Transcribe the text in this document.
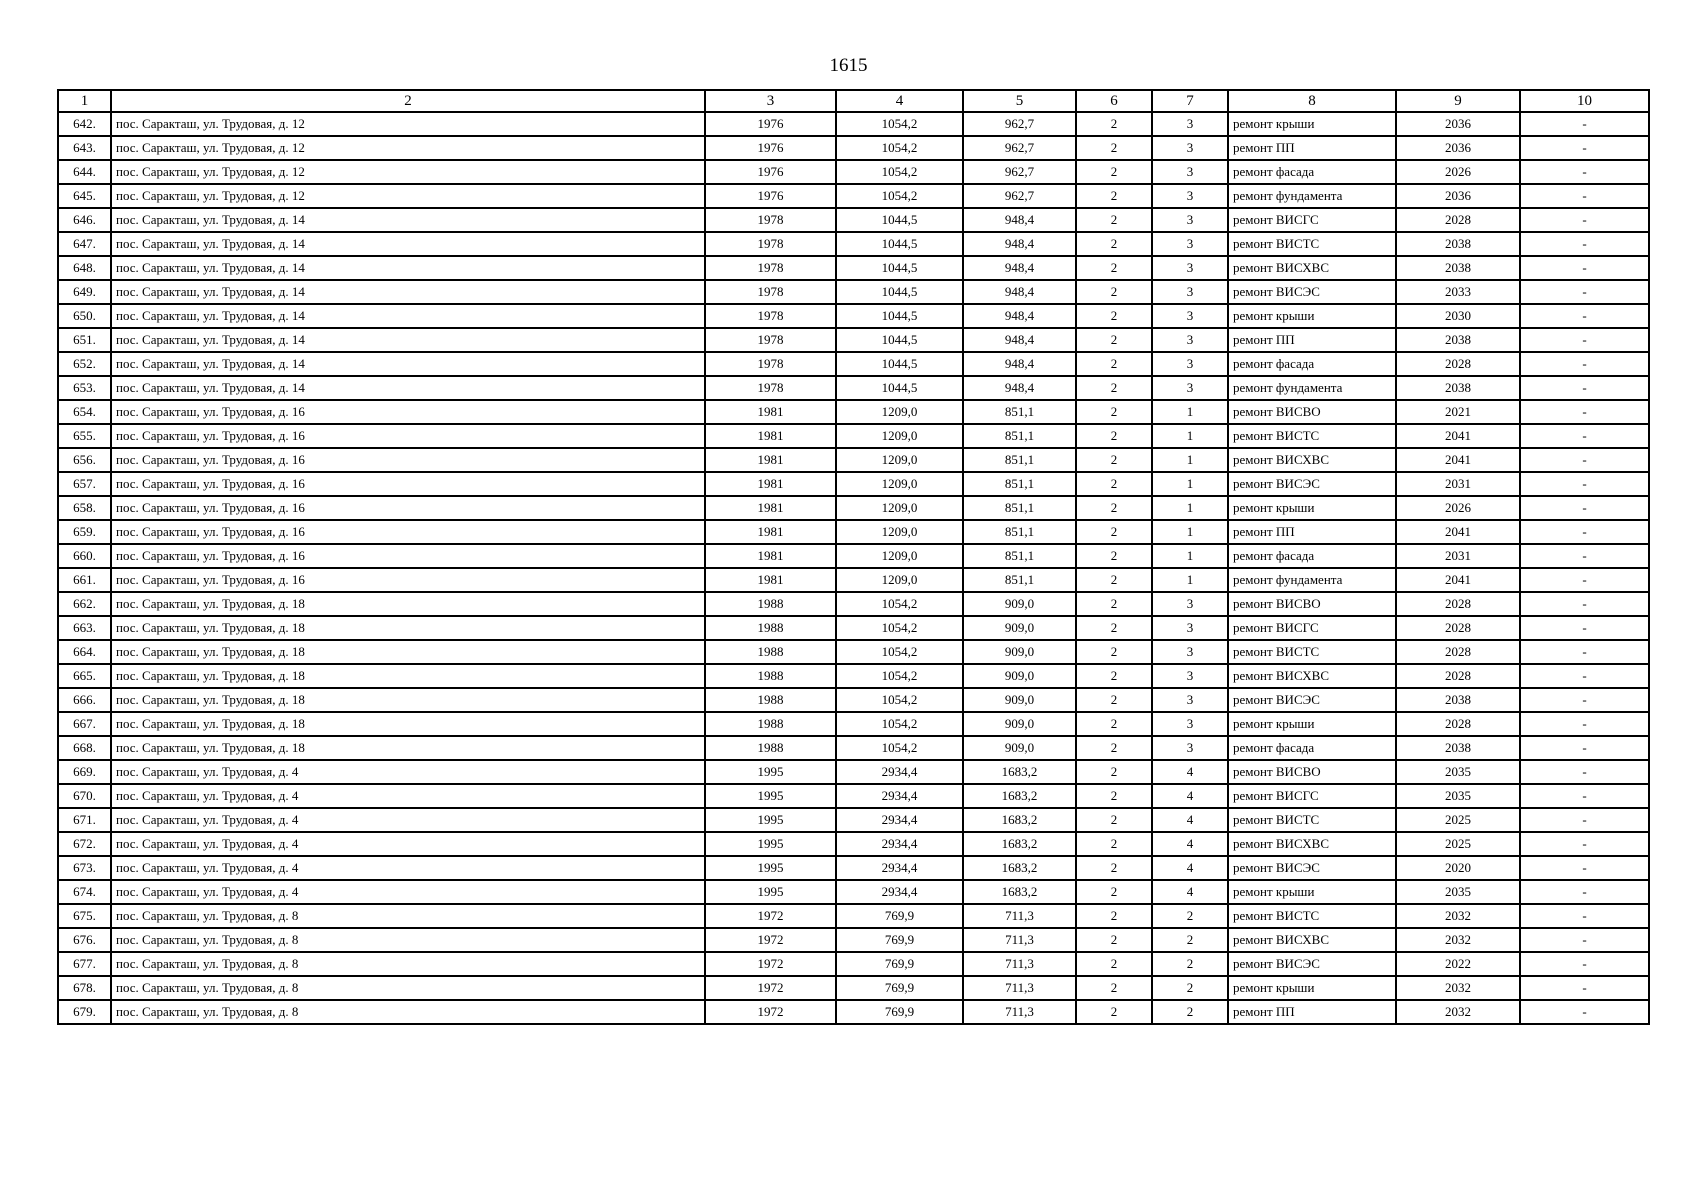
1615
1	2	3	4	5	6	7	8	9	10
642.	пос. Саракташ, ул. Трудовая, д. 12	1976	1054,2	962,7	2	3	ремонт крыши	2036	-
643.	пос. Саракташ, ул. Трудовая, д. 12	1976	1054,2	962,7	2	3	ремонт ПП	2036	-
644.	пос. Саракташ, ул. Трудовая, д. 12	1976	1054,2	962,7	2	3	ремонт фасада	2026	-
645.	пос. Саракташ, ул. Трудовая, д. 12	1976	1054,2	962,7	2	3	ремонт фундамента	2036	-
646.	пос. Саракташ, ул. Трудовая, д. 14	1978	1044,5	948,4	2	3	ремонт ВИСГС	2028	-
647.	пос. Саракташ, ул. Трудовая, д. 14	1978	1044,5	948,4	2	3	ремонт ВИСТС	2038	-
648.	пос. Саракташ, ул. Трудовая, д. 14	1978	1044,5	948,4	2	3	ремонт ВИСХВС	2038	-
649.	пос. Саракташ, ул. Трудовая, д. 14	1978	1044,5	948,4	2	3	ремонт ВИСЭС	2033	-
650.	пос. Саракташ, ул. Трудовая, д. 14	1978	1044,5	948,4	2	3	ремонт крыши	2030	-
651.	пос. Саракташ, ул. Трудовая, д. 14	1978	1044,5	948,4	2	3	ремонт ПП	2038	-
652.	пос. Саракташ, ул. Трудовая, д. 14	1978	1044,5	948,4	2	3	ремонт фасада	2028	-
653.	пос. Саракташ, ул. Трудовая, д. 14	1978	1044,5	948,4	2	3	ремонт фундамента	2038	-
654.	пос. Саракташ, ул. Трудовая, д. 16	1981	1209,0	851,1	2	1	ремонт ВИСВО	2021	-
655.	пос. Саракташ, ул. Трудовая, д. 16	1981	1209,0	851,1	2	1	ремонт ВИСТС	2041	-
656.	пос. Саракташ, ул. Трудовая, д. 16	1981	1209,0	851,1	2	1	ремонт ВИСХВС	2041	-
657.	пос. Саракташ, ул. Трудовая, д. 16	1981	1209,0	851,1	2	1	ремонт ВИСЭС	2031	-
658.	пос. Саракташ, ул. Трудовая, д. 16	1981	1209,0	851,1	2	1	ремонт крыши	2026	-
659.	пос. Саракташ, ул. Трудовая, д. 16	1981	1209,0	851,1	2	1	ремонт ПП	2041	-
660.	пос. Саракташ, ул. Трудовая, д. 16	1981	1209,0	851,1	2	1	ремонт фасада	2031	-
661.	пос. Саракташ, ул. Трудовая, д. 16	1981	1209,0	851,1	2	1	ремонт фундамента	2041	-
662.	пос. Саракташ, ул. Трудовая, д. 18	1988	1054,2	909,0	2	3	ремонт ВИСВО	2028	-
663.	пос. Саракташ, ул. Трудовая, д. 18	1988	1054,2	909,0	2	3	ремонт ВИСГС	2028	-
664.	пос. Саракташ, ул. Трудовая, д. 18	1988	1054,2	909,0	2	3	ремонт ВИСТС	2028	-
665.	пос. Саракташ, ул. Трудовая, д. 18	1988	1054,2	909,0	2	3	ремонт ВИСХВС	2028	-
666.	пос. Саракташ, ул. Трудовая, д. 18	1988	1054,2	909,0	2	3	ремонт ВИСЭС	2038	-
667.	пос. Саракташ, ул. Трудовая, д. 18	1988	1054,2	909,0	2	3	ремонт крыши	2028	-
668.	пос. Саракташ, ул. Трудовая, д. 18	1988	1054,2	909,0	2	3	ремонт фасада	2038	-
669.	пос. Саракташ, ул. Трудовая, д. 4	1995	2934,4	1683,2	2	4	ремонт ВИСВО	2035	-
670.	пос. Саракташ, ул. Трудовая, д. 4	1995	2934,4	1683,2	2	4	ремонт ВИСГС	2035	-
671.	пос. Саракташ, ул. Трудовая, д. 4	1995	2934,4	1683,2	2	4	ремонт ВИСТС	2025	-
672.	пос. Саракташ, ул. Трудовая, д. 4	1995	2934,4	1683,2	2	4	ремонт ВИСХВС	2025	-
673.	пос. Саракташ, ул. Трудовая, д. 4	1995	2934,4	1683,2	2	4	ремонт ВИСЭС	2020	-
674.	пос. Саракташ, ул. Трудовая, д. 4	1995	2934,4	1683,2	2	4	ремонт крыши	2035	-
675.	пос. Саракташ, ул. Трудовая, д. 8	1972	769,9	711,3	2	2	ремонт ВИСТС	2032	-
676.	пос. Саракташ, ул. Трудовая, д. 8	1972	769,9	711,3	2	2	ремонт ВИСХВС	2032	-
677.	пос. Саракташ, ул. Трудовая, д. 8	1972	769,9	711,3	2	2	ремонт ВИСЭС	2022	-
678.	пос. Саракташ, ул. Трудовая, д. 8	1972	769,9	711,3	2	2	ремонт крыши	2032	-
679.	пос. Саракташ, ул. Трудовая, д. 8	1972	769,9	711,3	2	2	ремонт ПП	2032	-
